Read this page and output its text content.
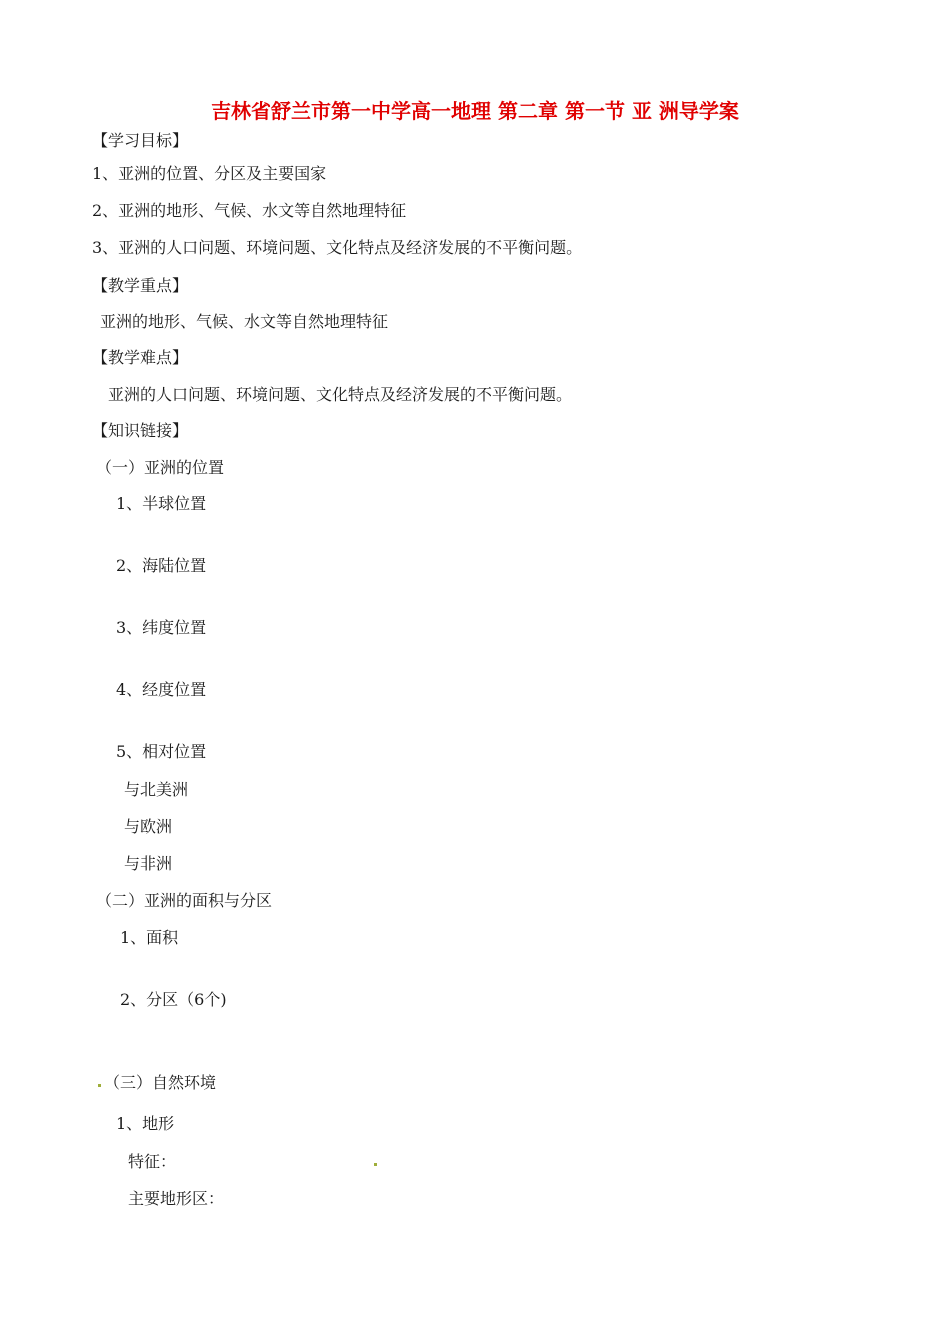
吉林省舒兰市第一中学高一地理 第二章 第一节 亚 洲导学案
【学习目标】
1、亚洲的位置、分区及主要国家
2、亚洲的地形、气候、水文等自然地理特征
3、亚洲的人口问题、环境问题、文化特点及经济发展的不平衡问题。
【教学重点】
亚洲的地形、气候、水文等自然地理特征
【教学难点】
亚洲的人口问题、环境问题、文化特点及经济发展的不平衡问题。
【知识链接】
（一）亚洲的位置
1、半球位置
2、海陆位置
3、纬度位置
4、经度位置
5、相对位置
与北美洲
与欧洲
与非洲
（二）亚洲的面积与分区
1、面积
2、分区（6个)
（三）自然环境
1、地形
特征：
主要地形区：
